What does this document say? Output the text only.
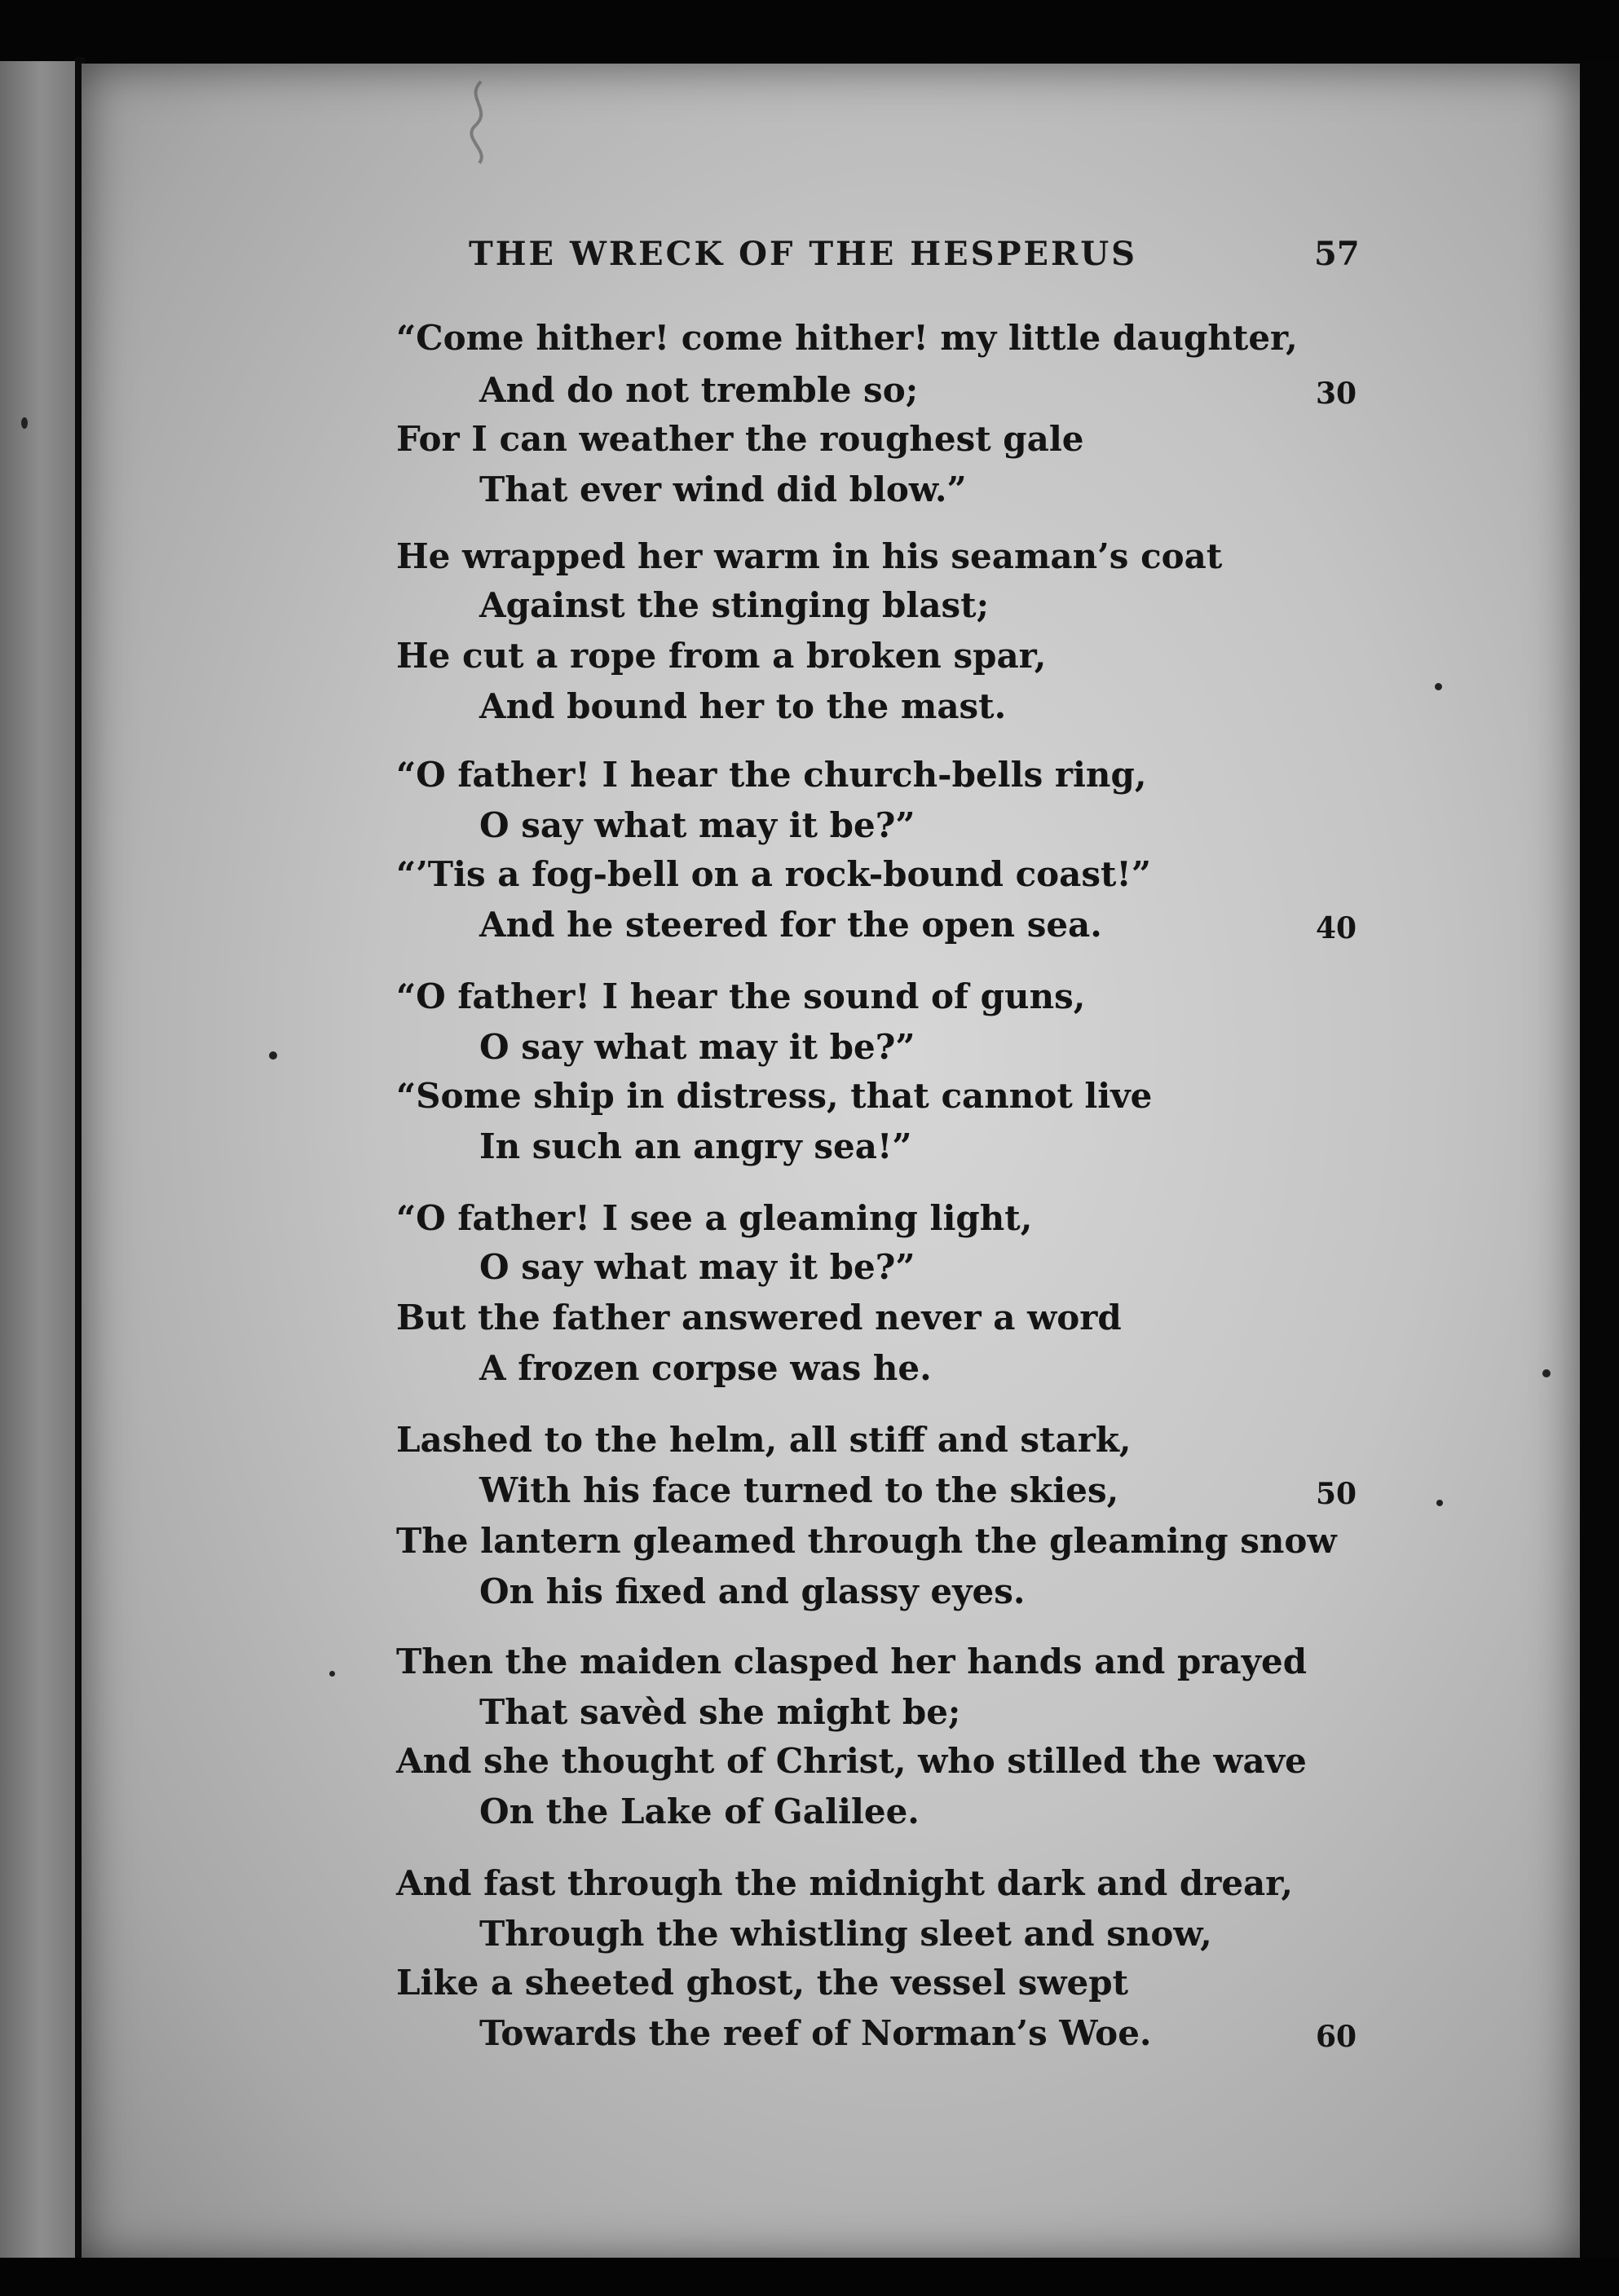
THE WRECK OF THE HESPERUS	57
“Come hither! come hither! my little daughter,
And do not tremble so;
For I can weather the roughest gale
That ever wind did blow.”
He wrapped her warm in his seaman’s coat
Against the stinging blast;
He cut a rope from a broken spar,
And bound her to the mast.
“O father! I hear the church-bells ring,
O say what may it be?”
“’Tis a fog-bell on a rock-bound coast!”
And he steered for the open sea.
“O father! I hear the sound of guns,
O say what may it be?”
“Some ship in distress, that cannot live
In such an angry sea!”
“O father! I see a gleaming light,
O say what may it be?”
But the father answered never a word
A frozen corpse was he.
Lashed to the helm, all stiff and stark,
With his face turned to the skies,
The lantern gleamed through the gleaming snow
On his fixed and glassy eyes.
Then the maiden clasped her hands and prayed
That savèd she might be;
And she thought of Christ, who stilled the wave
On the Lake of Galilee.
And fast through the midnight dark and drear,
Through the whistling sleet and snow,
Like a sheeted ghost, the vessel swept
Towards the reef of Norman’s Woe.
30
40
50
60
